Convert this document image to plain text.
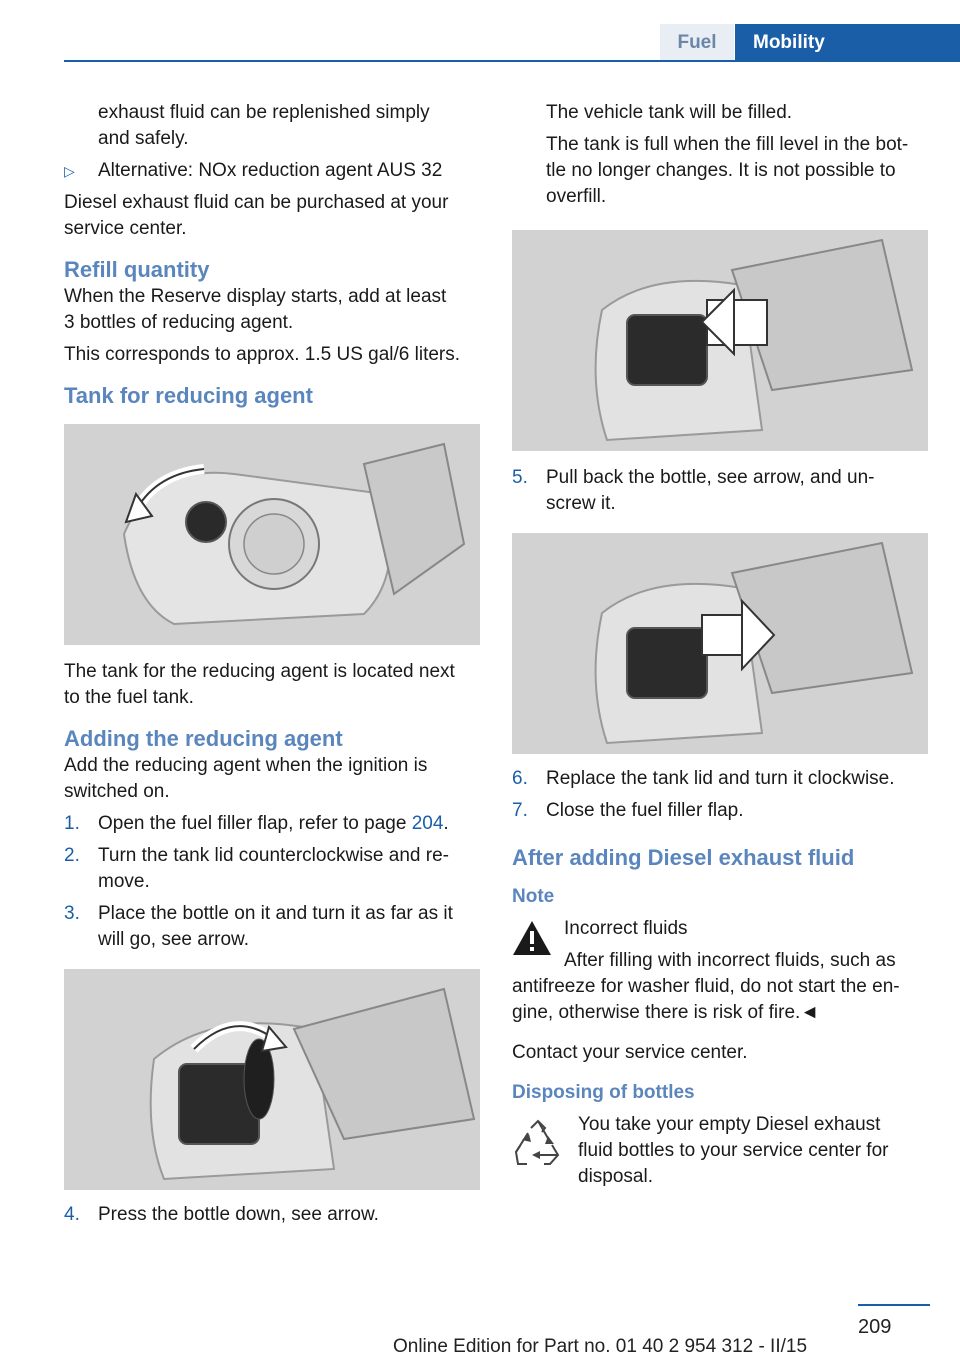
Fuel	Mobility

exhaust fluid can be replenished simply

and safely.

▷	Alternative: NOx reduction agent AUS 32

Diesel exhaust fluid can be purchased at your

service center.

Refill quantity

When the Reserve display starts, add at least

3 bottles of reducing agent.

This corresponds to approx. 1.5 US gal/6 liters.

Tank for reducing agent

The tank for the reducing agent is located next

to the fuel tank.

Adding the reducing agent

Add the reducing agent when the ignition is

switched on.

1. Open the fuel filler flap, refer to page 204.
2. Turn the tank lid counterclockwise and re-
move.
3. Place the bottle on it and turn it as far as it
will go, see arrow.
4. Press the bottle down, see arrow.

The vehicle tank will be filled.

The tank is full when the fill level in the bot-

tle no longer changes. It is not possible to

overfill.

5. Pull back the bottle, see arrow, and un-
screw it.
6. Replace the tank lid and turn it clockwise.
7. Close the fuel filler flap.

After adding Diesel exhaust fluid

Note

Incorrect fluids

After filling with incorrect fluids, such as

antifreeze for washer fluid, do not start the en-

gine, otherwise there is risk of fire.◄

Contact your service center.

Disposing of bottles

You take your empty Diesel exhaust

fluid bottles to your service center for

disposal.

209
Online Edition for Part no. 01 40 2 954 312 - II/15
